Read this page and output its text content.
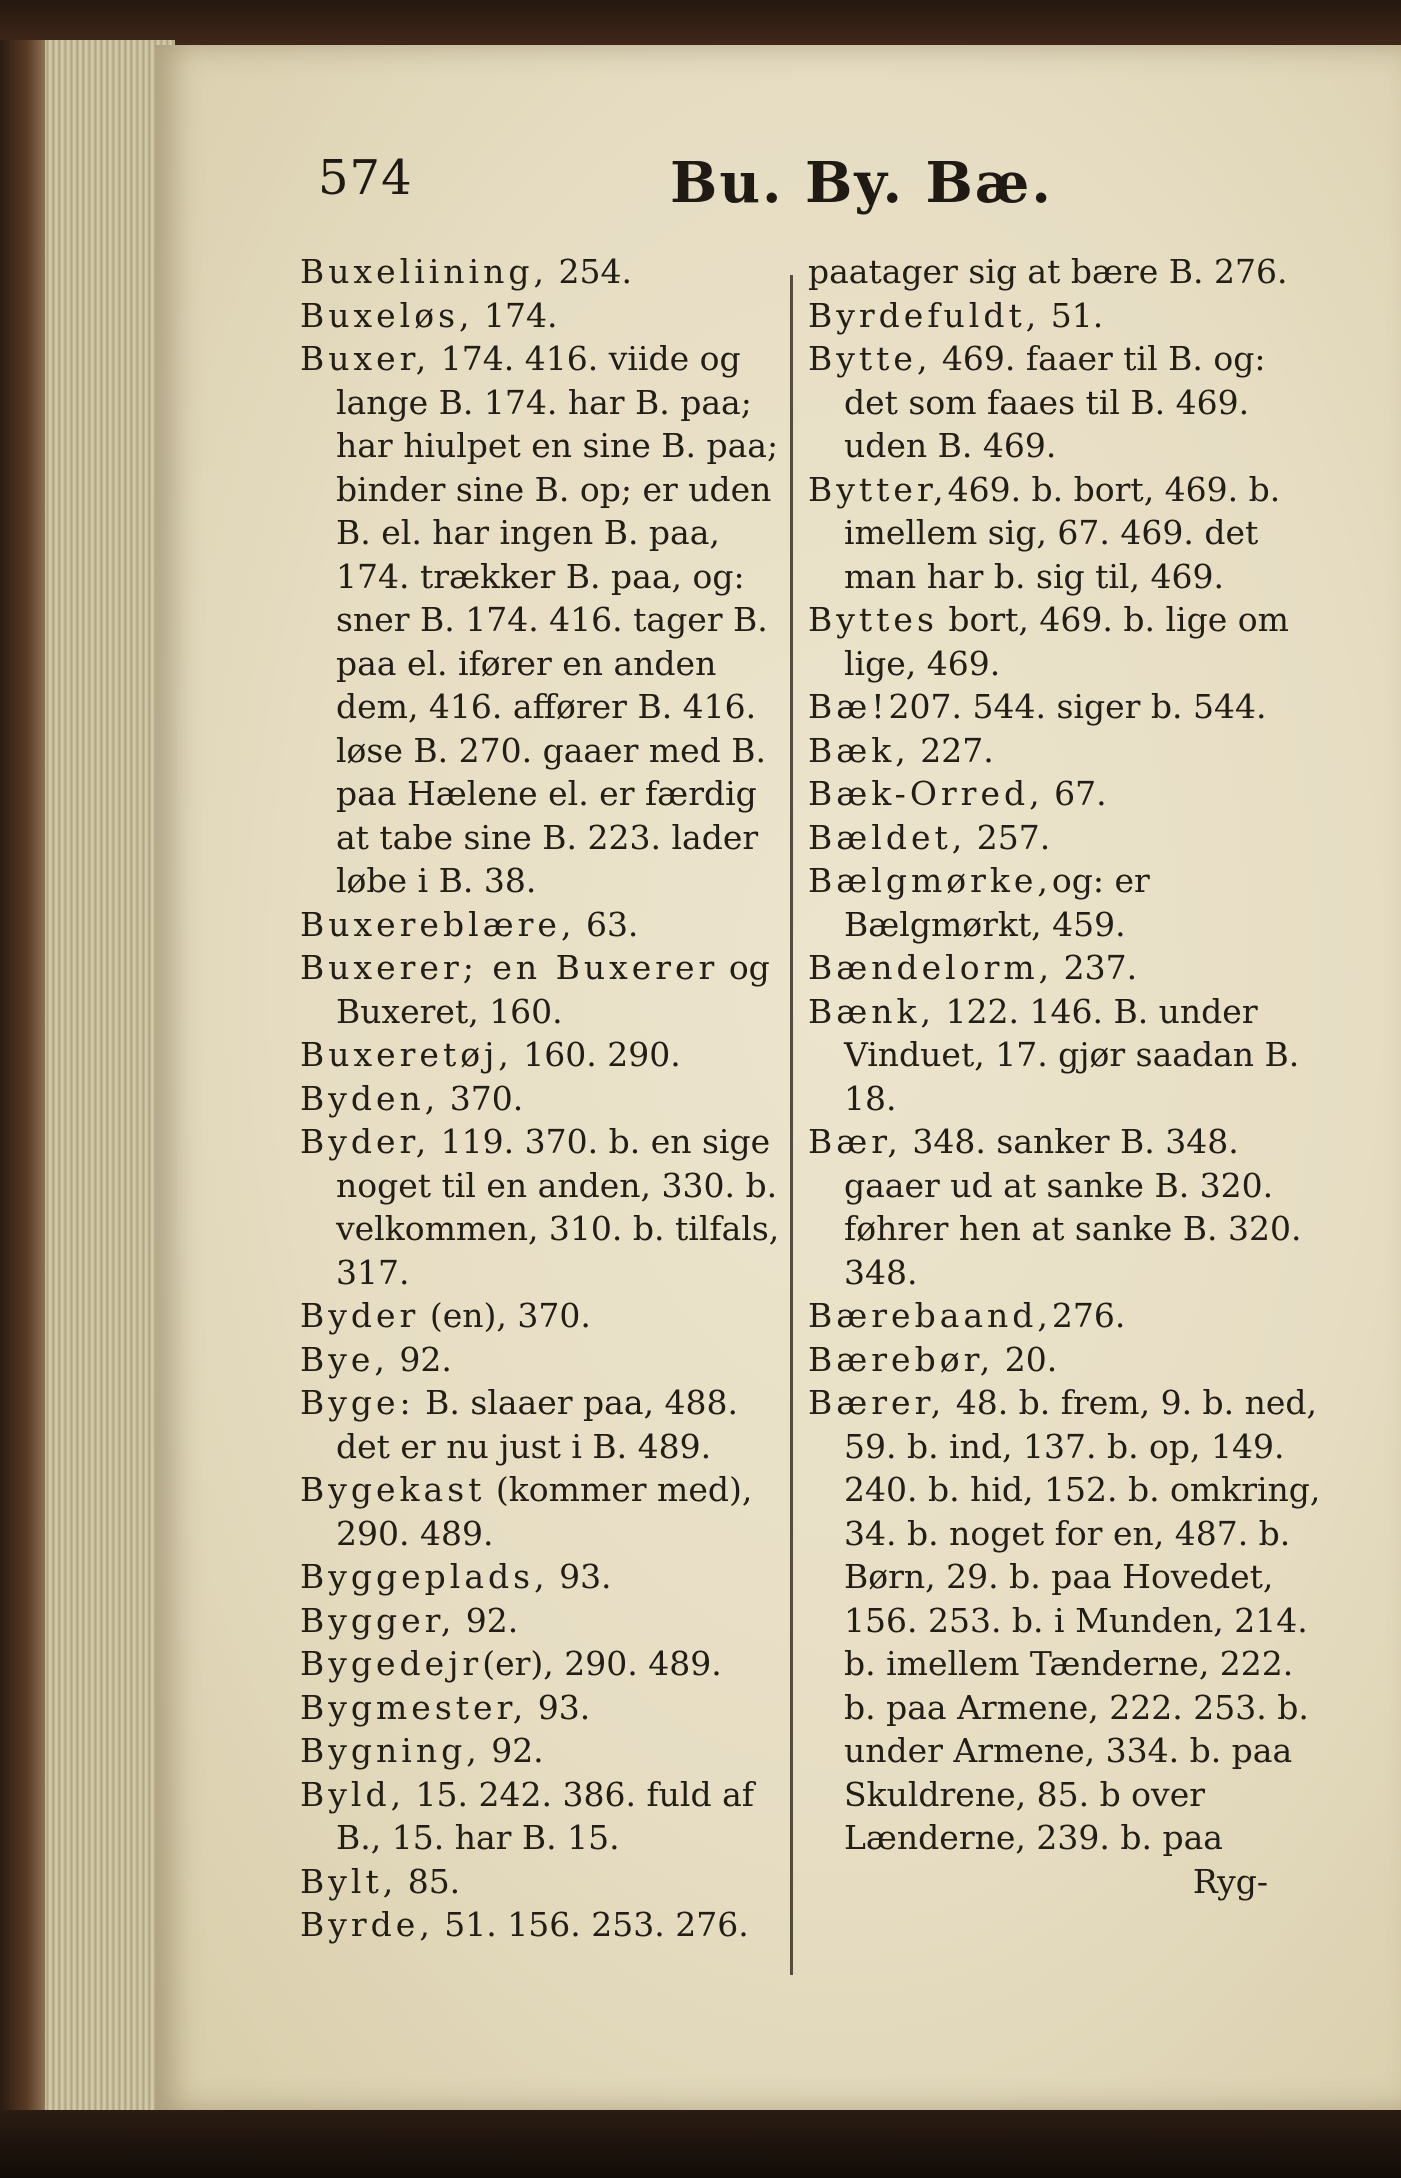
574	Bu. By. Bæ.

Buxeliining, 254.

Buxeløs, 174.

Buxer, 174. 416. viide og lange B. 174. har B. paa; har hiulpet en sine B. paa; binder sine B. op; er uden B. el. har ingen B. paa, 174. trækker B. paa, og: sner B. 174. 416. tager B. paa el. ifører en anden dem, 416. affører B. 416. løse B. 270. gaaer med B. paa Hælene el. er færdig at tabe sine B. 223. lader løbe i B. 38.

Buxereblære, 63.

Buxerer; en Buxerer og Buxeret, 160.

Buxeretøj, 160. 290.

Byden, 370.

Byder, 119. 370. b. en sige noget til en anden, 330. b. velkommen, 310. b. tilfals, 317.

Byder (en), 370.

Bye, 92.

Byge: B. slaaer paa, 488. det er nu just i B. 489.

Bygekast (kommer med), 290. 489.

Byggeplads, 93.

Bygger, 92.

Bygedejr(er), 290. 489.

Bygmester, 93.

Bygning, 92.

Byld, 15. 242. 386. fuld af B., 15. har B. 15.

Bylt, 85.

Byrde, 51. 156. 253. 276.

paatager sig at bære B. 276.

Byrdefuldt, 51.

Bytte, 469. faaer til B. og: det som faaes til B. 469. uden B. 469.

Bytter,469. b. bort, 469. b. imellem sig, 67. 469. det man har b. sig til, 469.

Byttes bort, 469. b. lige om lige, 469.

Bæ!207. 544. siger b. 544.

Bæk, 227.

Bæk-Orred, 67.

Bældet, 257.

Bælgmørke,og: er Bælgmørkt, 459.

Bændelorm, 237.

Bænk, 122. 146. B. under Vinduet, 17. gjør saadan B. 18.

Bær, 348. sanker B. 348. gaaer ud at sanke B. 320. føhrer hen at sanke B. 320. 348.

Bærebaand,276.

Bærebør, 20.

Bærer, 48. b. frem, 9. b. ned, 59. b. ind, 137. b. op, 149. 240. b. hid, 152. b. omkring, 34. b. noget for en, 487. b. Børn, 29. b. paa Hovedet, 156. 253. b. i Munden, 214. b. imellem Tænderne, 222. b. paa Armene, 222. 253. b. under Armene, 334. b. paa Skuldrene, 85. b over Lænderne, 239. b. paa

Ryg-
